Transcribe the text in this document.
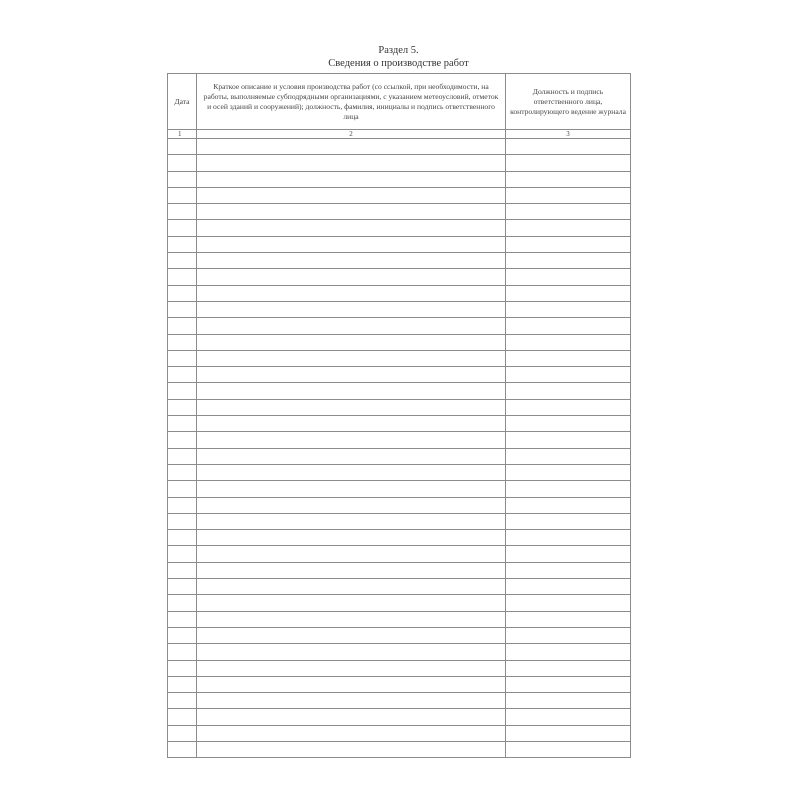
Раздел 5.
Сведения о производстве работ
Дата	Краткое описание и условия производства работ (со ссылкой, при необходимости, на работы, выполняемые субподрядными организациями, с указанием метеоусловий, отметок и осей зданий и сооружений); должность, фамилия, инициалы и подпись ответственного лица	Должность и подпись ответственного лица, контролирующего ведение журнала
1	2	3
